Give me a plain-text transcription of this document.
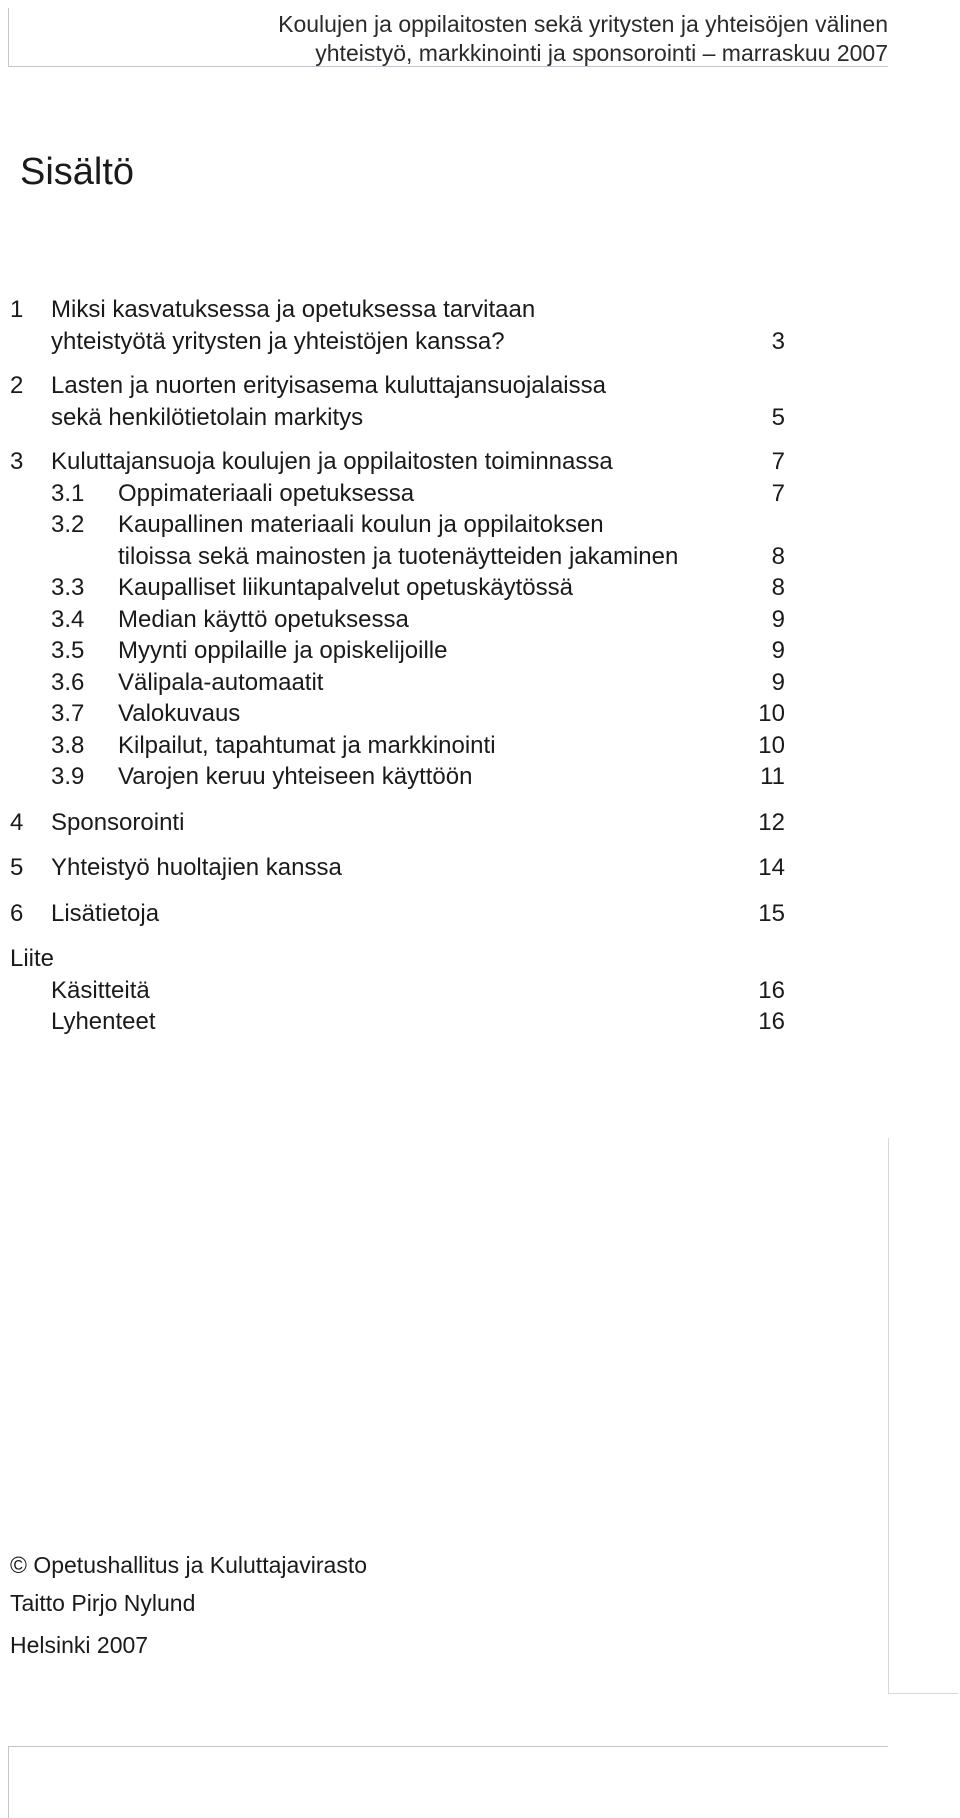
Koulujen ja oppilaitosten sekä yritysten ja yhteisöjen välinen
yhteistyö, markkinointi ja sponsorointi – marraskuu 2007
Sisältö
1 Miksi kasvatuksessa ja opetuksessa tarvitaan
yhteistyötä yritysten ja yhteistöjen kanssa?	3
2 Lasten ja nuorten erityisasema kuluttajansuojalaissa
sekä henkilötietolain markitys	5
3 Kuluttajansuoja koulujen ja oppilaitosten toiminnassa	7
3.1 Oppimateriaali opetuksessa	7
3.2 Kaupallinen materiaali koulun ja oppilaitoksen
tiloissa sekä mainosten ja tuotenäytteiden jakaminen	8
3.3 Kaupalliset liikuntapalvelut opetuskäytössä	8
3.4 Median käyttö opetuksessa	9
3.5 Myynti oppilaille ja opiskelijoille	9
3.6 Välipala-automaatit	9
3.7 Valokuvaus	10
3.8 Kilpailut, tapahtumat ja markkinointi	10
3.9 Varojen keruu yhteiseen käyttöön	11
4 Sponsorointi	12
5 Yhteistyö huoltajien kanssa	14
6 Lisätietoja	15
Liite
Käsitteitä	16
Lyhenteet	16
© Opetushallitus ja Kuluttajavirasto
Taitto Pirjo Nylund
Helsinki 2007
